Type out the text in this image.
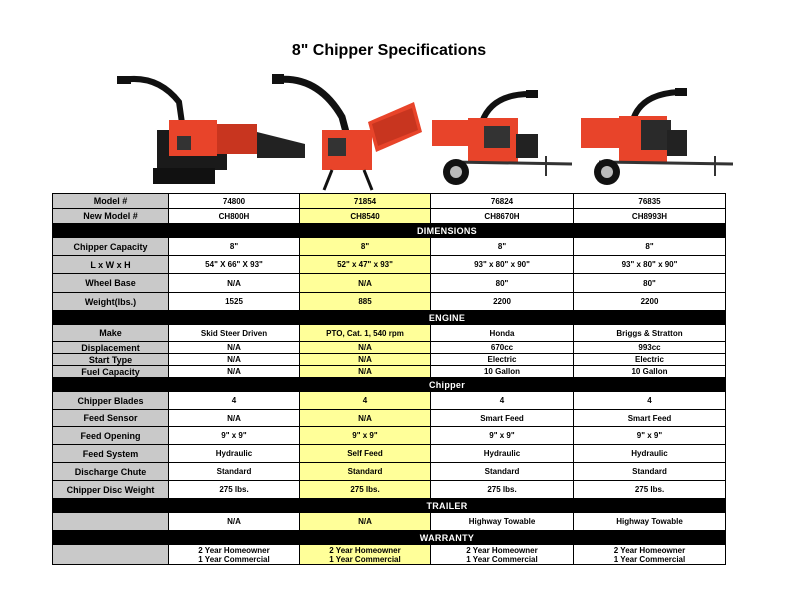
8" Chipper Specifications
Model #	74800	71854	76824	76835
New Model #	CH800H	CH8540	CH8670H	CH8993H
	DIMENSIONS			
Chipper Capacity	8"	8"	8"	8"
L x W x H	54" X 66" X 93"	52" x 47" x 93"	93" x 80" x 90"	93" x 80" x 90"
Wheel Base	N/A	N/A	80"	80"
Weight(lbs.)	1525	885	2200	2200
	ENGINE			
Make	Skid Steer Driven	PTO, Cat. 1, 540 rpm	Honda	Briggs & Stratton
Displacement	N/A	N/A	670cc	993cc
Start Type	N/A	N/A	Electric	Electric
Fuel Capacity	N/A	N/A	10 Gallon	10 Gallon
	Chipper			
Chipper Blades	4	4	4	4
Feed Sensor	N/A	N/A	Smart Feed	Smart Feed
Feed Opening	9" x 9"	9" x 9"	9" x 9"	9" x 9"
Feed System	Hydraulic	Self Feed	Hydraulic	Hydraulic
Discharge Chute	Standard	Standard	Standard	Standard
Chipper Disc Weight	275 lbs.	275 lbs.	275 lbs.	275 lbs.
	TRAILER			
	N/A	N/A	Highway Towable	Highway Towable
	WARRANTY			
	2 Year Homeowner
1 Year Commercial	2 Year Homeowner
1 Year Commercial	2 Year Homeowner
1 Year Commercial	2 Year Homeowner
1 Year Commercial
